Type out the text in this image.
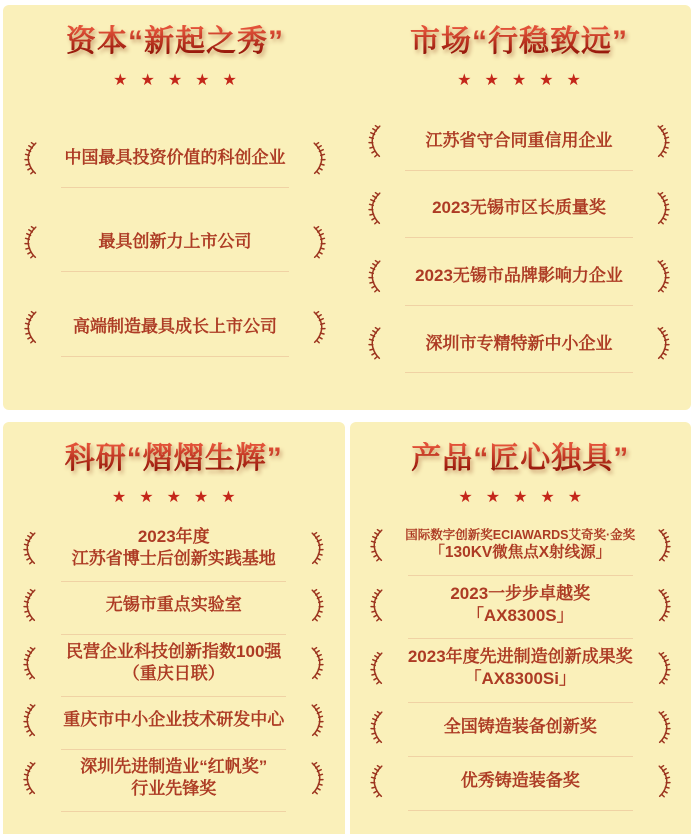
资本“新起之秀”
★ ★ ★ ★ ★
中国最具投资价值的科创企业
最具创新力上市公司
高端制造最具成长上市公司
市场“行稳致远”
★ ★ ★ ★ ★
江苏省守合同重信用企业
2023无锡市区长质量奖
2023无锡市品牌影响力企业
深圳市专精特新中小企业
科研“熠熠生辉”
★ ★ ★ ★ ★
2023年度
江苏省博士后创新实践基地
无锡市重点实验室
民营企业科技创新指数100强
（重庆日联）
重庆市中小企业技术研发中心
深圳先进制造业“红帆奖”
行业先锋奖
产品“匠心独具”
★ ★ ★ ★ ★
国际数字创新奖ECIAWARDS艾奇奖·金奖
「130KV微焦点X射线源」
2023一步步卓越奖
「AX8300S」
2023年度先进制造创新成果奖
「AX8300Si」
全国铸造装备创新奖
优秀铸造装备奖
